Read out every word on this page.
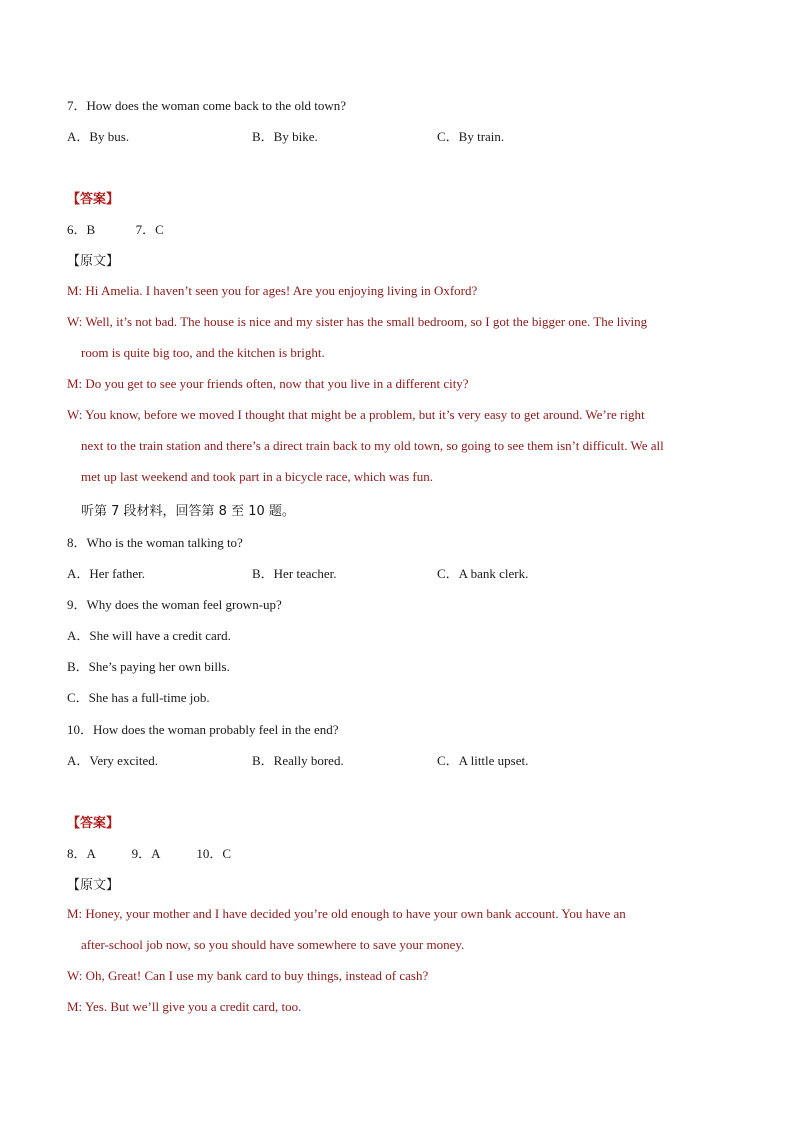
7．How does the woman come back to the old town?
A．By bus.	B．By bike.	C．By train.
【答案】
6．B	7．C
【原文】
M: Hi Amelia. I haven’t seen you for ages! Are you enjoying living in Oxford?
W: Well, it’s not bad. The house is nice and my sister has the small bedroom, so I got the bigger one. The living
room is quite big too, and the kitchen is bright.
M: Do you get to see your friends often, now that you live in a different city?
W: You know, before we moved I thought that might be a problem, but it’s very easy to get around. We’re right
next to the train station and there’s a direct train back to my old town, so going to see them isn’t difficult. We all
met up last weekend and took part in a bicycle race, which was fun.
听第 7 段材料，回答第 8 至 10 题。
8．Who is the woman talking to?
A．Her father.	B．Her teacher.	C．A bank clerk.
9．Why does the woman feel grown-up?
A．She will have a credit card.
B．She’s paying her own bills.
C．She has a full-time job.
10．How does the woman probably feel in the end?
A．Very excited.	B．Really bored.	C．A little upset.
【答案】
8．A	9．A	10．C
【原文】
M: Honey, your mother and I have decided you’re old enough to have your own bank account. You have an
after-school job now, so you should have somewhere to save your money.
W: Oh, Great! Can I use my bank card to buy things, instead of cash?
M: Yes. But we’ll give you a credit card, too.
